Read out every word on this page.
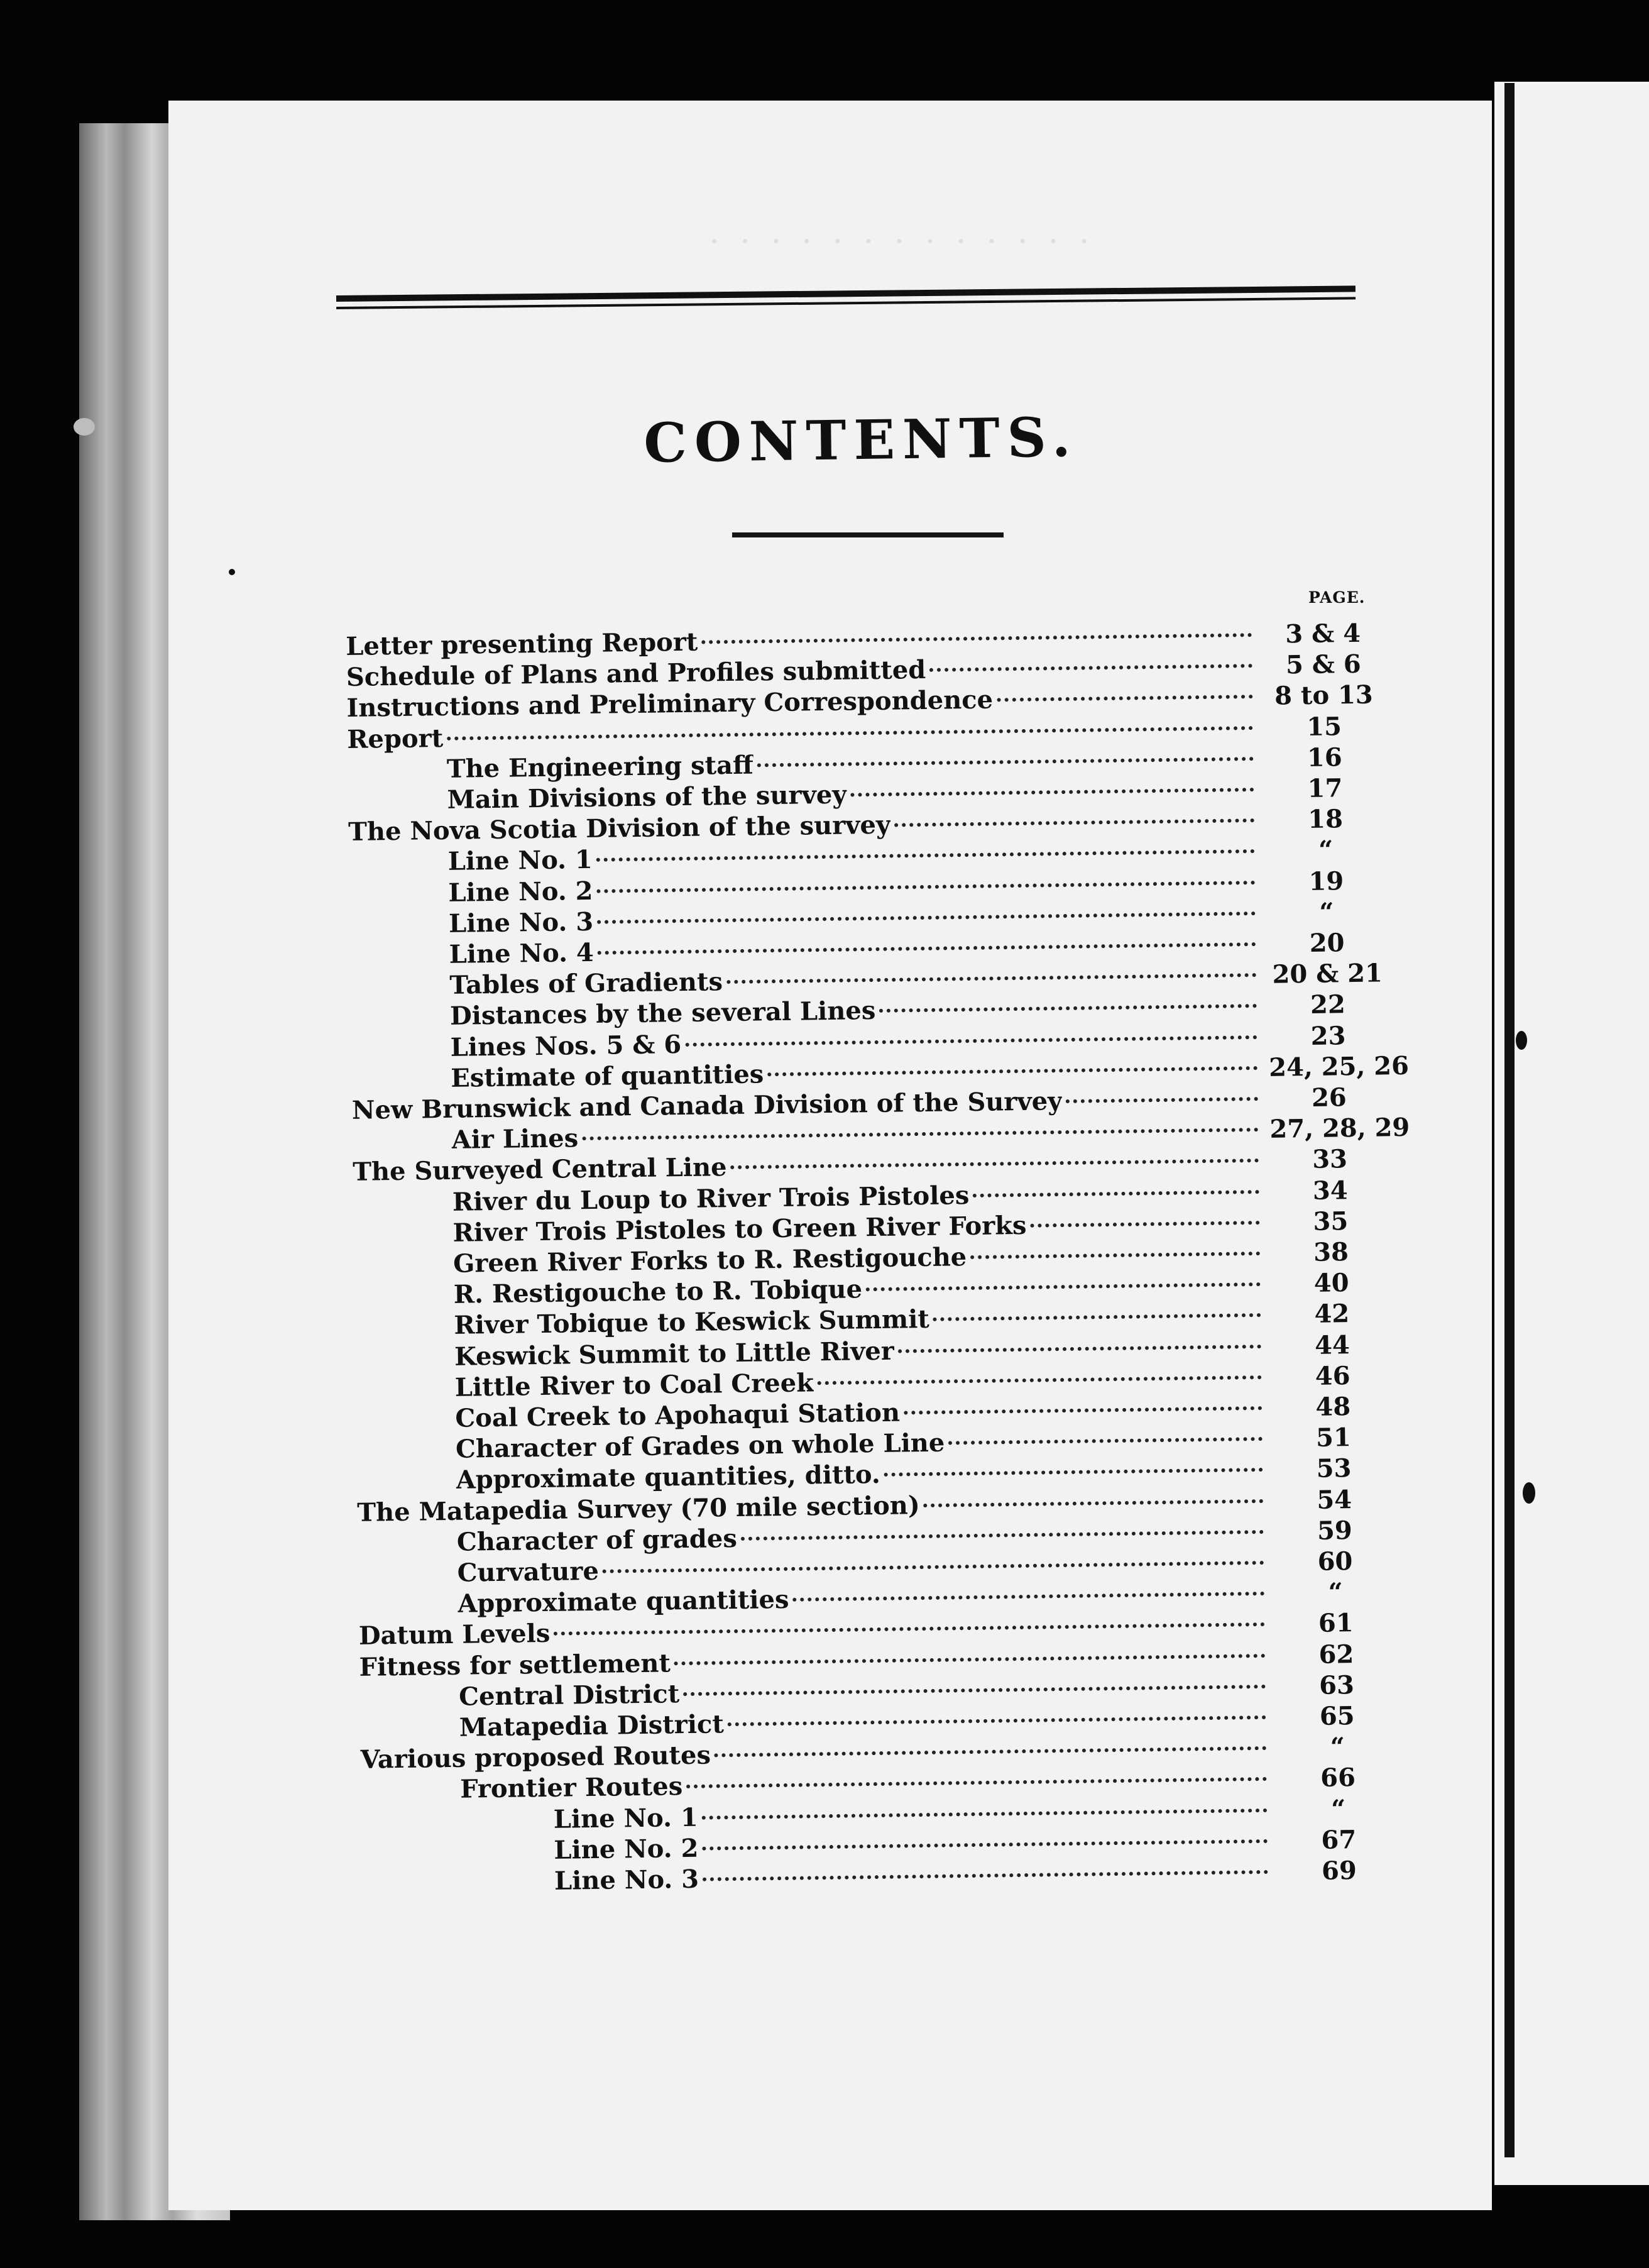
· · · · · · · · · · · · ·
CONTENTS.
PAGE.
Letter presenting Report	3 & 4
Schedule of Plans and Profiles submitted	5 & 6
Instructions and Preliminary Correspondence	8 to 13
Report	15
The Engineering staff	16
Main Divisions of the survey	17
The Nova Scotia Division of the survey	18
Line No. 1	“
Line No. 2	19
Line No. 3	“
Line No. 4	20
Tables of Gradients	20 & 21
Distances by the several Lines	22
Lines Nos. 5 & 6	23
Estimate of quantities	24, 25, 26
New Brunswick and Canada Division of the Survey	26
Air Lines	27, 28, 29
The Surveyed Central Line	33
River du Loup to River Trois Pistoles	34
River Trois Pistoles to Green River Forks	35
Green River Forks to R. Restigouche	38
R. Restigouche to R. Tobique	40
River Tobique to Keswick Summit	42
Keswick Summit to Little River	44
Little River to Coal Creek	46
Coal Creek to Apohaqui Station	48
Character of Grades on whole Line	51
Approximate quantities, ditto.	53
The Matapedia Survey (70 mile section)	54
Character of grades	59
Curvature	60
Approximate quantities	“
Datum Levels	61
Fitness for settlement	62
Central District	63
Matapedia District	65
Various proposed Routes	“
Frontier Routes	66
Line No. 1	“
Line No. 2	67
Line No. 3	69
